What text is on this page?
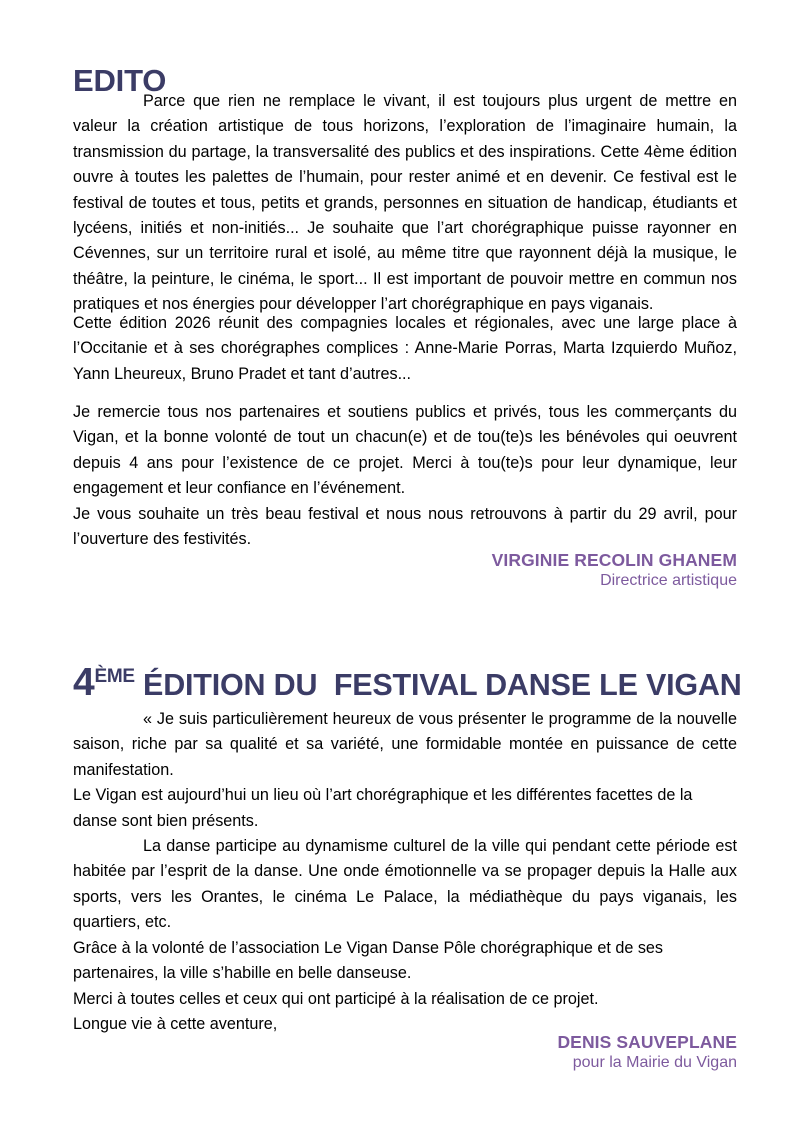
EDITO

Parce que rien ne remplace le vivant, il est toujours plus urgent de mettre en valeur la création artistique de tous horizons, l’exploration de l’imaginaire humain, la transmission du partage, la transversalité des publics et des inspirations. Cette 4ème édition ouvre à toutes les palettes de l’humain, pour rester animé et en devenir. Ce festival est le festival de toutes et tous, petits et grands, personnes en situation de handicap, étudiants et lycéens, initiés et non-initiés... Je souhaite que l’art chorégraphique puisse rayonner en Cévennes, sur un territoire rural et isolé, au même titre que rayonnent déjà la musique, le théâtre, la peinture, le cinéma, le sport... Il est important de pouvoir mettre en commun nos pratiques et nos énergies pour développer l’art chorégraphique en pays viganais.

Cette édition 2026 réunit des compagnies locales et régionales, avec une large place à l’Occitanie et à ses chorégraphes complices : Anne-Marie Porras, Marta Izquierdo Muñoz, Yann Lheureux, Bruno Pradet et tant d’autres...

Je remercie tous nos partenaires et soutiens publics et privés, tous les commerçants du Vigan, et la bonne volonté de tout un chacun(e) et de tou(te)s les bénévoles qui oeuvrent depuis 4 ans pour l’existence de ce projet. Merci à tou(te)s pour leur dynamique, leur engagement et leur confiance en l’événement.

Je vous souhaite un très beau festival et nous nous retrouvons à partir du 29 avril, pour l’ouverture des festivités.

VIRGINIE RECOLIN GHANEM
Directrice artistique
4ÈME ÉDITION DU  FESTIVAL DANSE LE VIGAN

« Je suis particulièrement heureux de vous présenter le programme de la nouvelle saison, riche par sa qualité et sa variété, une formidable montée en puissance de cette manifestation.
Le Vigan est aujourd’hui un lieu où l’art chorégraphique et les différentes facettes de la danse sont bien présents.

La danse participe au dynamisme culturel de la ville qui pendant cette période est habitée par l’esprit de la danse. Une onde émotionnelle va se propager depuis la Halle aux sports, vers les Orantes, le cinéma Le Palace, la médiathèque du pays viganais, les quartiers, etc.
Grâce à la volonté de l’association Le Vigan Danse Pôle chorégraphique et de ses partenaires, la ville s’habille en belle danseuse.

Merci à toutes celles et ceux qui ont participé à la réalisation de ce projet.
Longue vie à cette aventure,

DENIS SAUVEPLANE
pour la Mairie du Vigan
